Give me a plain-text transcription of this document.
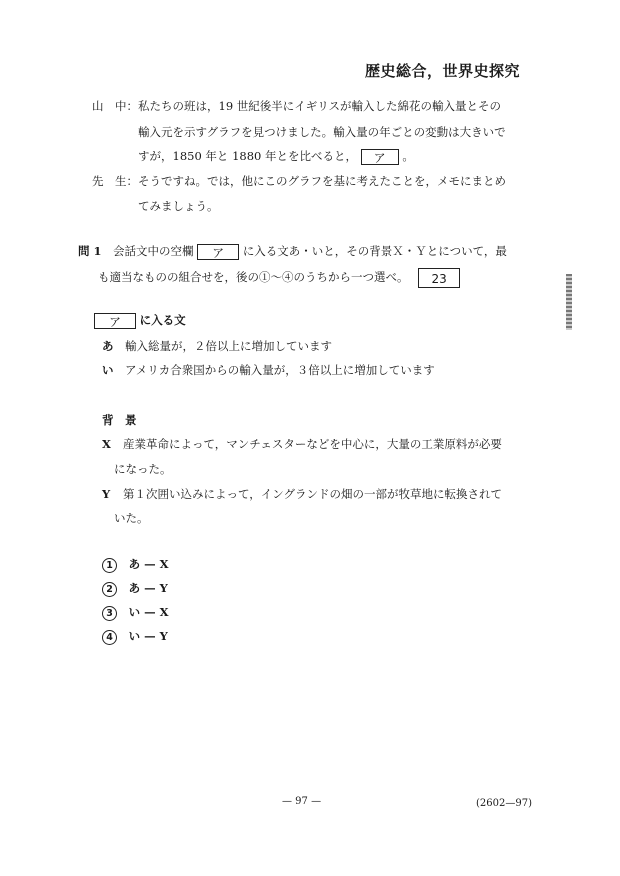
歴史総合，世界史探究
山　中： 私たちの班は，19 世紀後半にイギリスが輸入した綿花の輸入量とその
輸入元を示すグラフを見つけました。輸入量の年ごとの変動は大きいで
すが，1850 年と 1880 年とを比べると， ア 。
先　生： そうですね。では，他にこのグラフを基に考えたことを，メモにまとめ
てみましょう。
問 1 会話文中の空欄 ア に入る文あ・いと，その背景Ｘ・Ｙとについて，最
も適当なものの組合せを，後の①～④のうちから一つ選べ。 23
ア に入る文
あ 輸入総量が，２倍以上に増加しています
い アメリカ合衆国からの輸入量が，３倍以上に増加しています
背　景
X 産業革命によって，マンチェスターなどを中心に，大量の工業原料が必要
になった。
Y 第１次囲い込みによって，イングランドの畑の一部が牧草地に転換されて
いた。
1 あ — X
2 あ — Y
3 い — X
4 い — Y
— 97 —	(2602—97)
